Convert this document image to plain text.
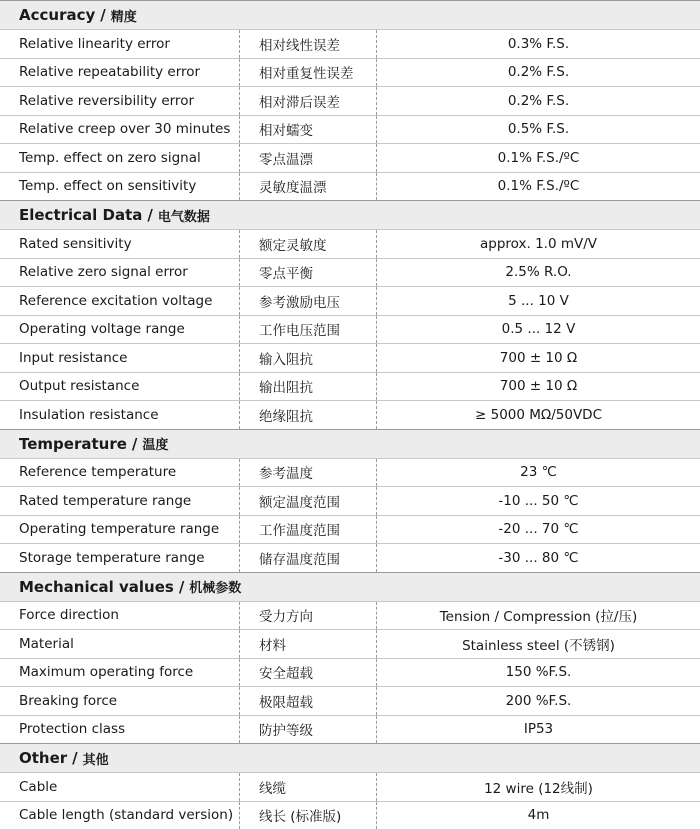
Accuracy / 精度
Relative linearity error	相对线性误差	0.3% F.S.
Relative repeatability error	相对重复性误差	0.2% F.S.
Relative reversibility error	相对滞后误差	0.2% F.S.
Relative creep over 30 minutes	相对蠕变	0.5% F.S.
Temp. effect on zero signal	零点温漂	0.1% F.S./ºC
Temp. effect on sensitivity	灵敏度温漂	0.1% F.S./ºC
Electrical Data / 电气数据
Rated sensitivity	额定灵敏度	approx. 1.0 mV/V
Relative zero signal error	零点平衡	2.5% R.O.
Reference excitation voltage	参考激励电压	5 ... 10 V
Operating voltage range	工作电压范围	0.5 ... 12 V
Input resistance	输入阻抗	700 ± 10 Ω
Output resistance	输出阻抗	700 ± 10 Ω
Insulation resistance	绝缘阻抗	≥ 5000 MΩ/50VDC
Temperature / 温度
Reference temperature	参考温度	23 ℃
Rated temperature range	额定温度范围	-10 ... 50 ℃
Operating temperature range	工作温度范围	-20 ... 70 ℃
Storage temperature range	储存温度范围	-30 ... 80 ℃
Mechanical values / 机械参数
Force direction	受力方向	Tension / Compression (拉/压)
Material	材料	Stainless steel (不锈钢)
Maximum operating force	安全超载	150 %F.S.
Breaking force	极限超载	200 %F.S.
Protection class	防护等级	IP53
Other / 其他
Cable	线缆	12 wire (12线制)
Cable length (standard version)	线长 (标准版)	4m
